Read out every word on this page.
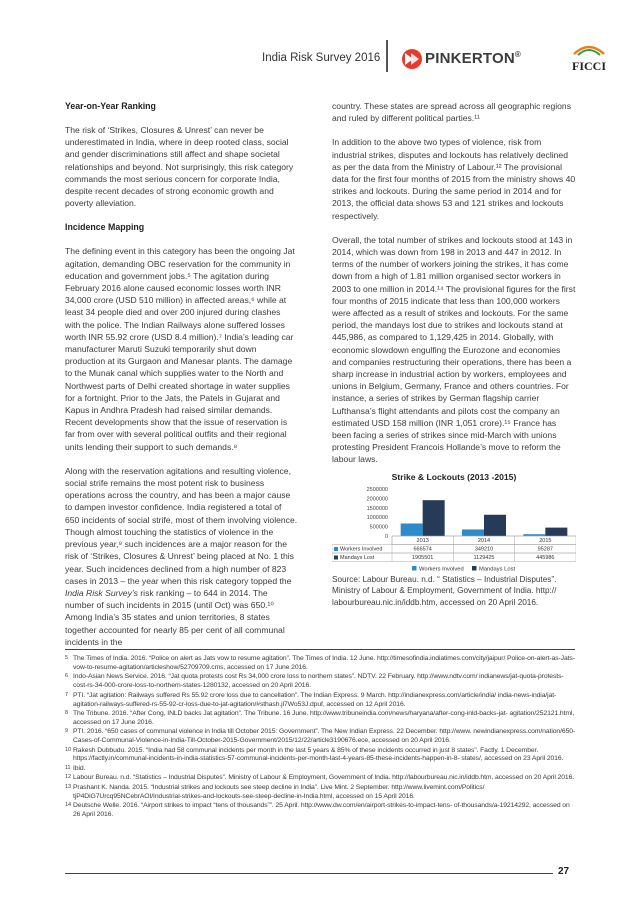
India Risk Survey 2016	PINKERTON®
FICCI
Year-on-Year Ranking

The risk of ‘Strikes, Closures & Unrest’ can never be underestimated in India, where in deep rooted class, social and gender discriminations still affect and shape societal relationships and beyond. Not surprisingly, this risk category commands the most serious concern for corporate India, despite recent decades of strong economic growth and poverty alleviation.

Incidence Mapping

The defining event in this category has been the ongoing Jat agitation, demanding OBC reservation for the community in education and government jobs.⁵ The agitation during February 2016 alone caused economic losses worth INR 34,000 crore (USD 510 million) in affected areas,⁶ while at least 34 people died and over 200 injured during clashes with the police. The Indian Railways alone suffered losses worth INR 55.92 crore (USD 8.4 million).⁷ India’s leading car manufacturer Maruti Suzuki temporarily shut down production at its Gurgaon and Manesar plants. The damage to the Munak canal which supplies water to the North and Northwest parts of Delhi created shortage in water supplies for a fortnight. Prior to the Jats, the Patels in Gujarat and Kapus in Andhra Pradesh had raised similar demands. Recent developments show that the issue of reservation is far from over with several political outfits and their regional units lending their support to such demands.⁸

Along with the reservation agitations and resulting violence, social strife remains the most potent risk to business operations across the country, and has been a major cause to dampen investor confidence. India registered a total of 650 incidents of social strife, most of them involving violence. Though almost touching the statistics of violence in the previous year,⁹ such incidences are a major reason for the risk of ‘Strikes, Closures & Unrest’ being placed at No. 1 this year. Such incidences declined from a high number of 823 cases in 2013 – the year when this risk category topped the India Risk Survey’s risk ranking – to 644 in 2014. The number of such incidents in 2015 (until Oct) was 650.¹⁰ Among India’s 35 states and union territories, 8 states together accounted for nearly 85 per cent of all communal incidents in the

country. These states are spread across all geographic regions and ruled by different political parties.¹¹

In addition to the above two types of violence, risk from industrial strikes, disputes and lockouts has relatively declined as per the data from the Ministry of Labour.¹² The provisional data for the first four months of 2015 from the ministry shows 40 strikes and lockouts. During the same period in 2014 and for 2013, the official data shows 53 and 121 strikes and lockouts respectively.

Overall, the total number of strikes and lockouts stood at 143 in 2014, which was down from 198 in 2013 and 447 in 2012. In terms of the number of workers joining the strikes, it has come down from a high of 1.81 million organised sector workers in 2003 to one million in 2014.¹⁴ The provisional figures for the first four months of 2015 indicate that less than 100,000 workers were affected as a result of strikes and lockouts. For the same period, the mandays lost due to strikes and lockouts stand at 445,986, as compared to 1,129,425 in 2014. Globally, with economic slowdown engulfing the Eurozone and economies and companies restructuring their operations, there has been a sharp increase in industrial action by workers, employees and unions in Belgium, Germany, France and others countries. For instance, a series of strikes by German flagship carrier Lufthansa’s flight attendants and pilots cost the company an estimated USD 158 million (INR 1,051 crore).¹⁵ France has been facing a series of strikes since mid-March with unions protesting President Francois Hollande’s move to reform the labour laws.

Strike & Lockouts (2013 -2015)
2500000
2000000
1500000
1000000
500000
0
2013	2014	2015
Workers Involved	666574	349210	95287
Mandays Lost	1905501	1129425	445986
Workers Involved	Mandays Lost
Source: Labour Bureau. n.d. “ Statistics – Industrial Disputes”. Ministry of Labour & Employment, Government of India. http:// labourbureau.nic.in/iddb.htm, accessed on 20 April 2016.
5 The Times of India. 2016. “Police on alert as Jats vow to resume agitation”. The Times of India. 12 June. http://timesofindia.indiatimes.com/city/jaipur/ Police-on-alert-as-Jats-vow-to-resume-agitation/articleshow/52709709.cms, accessed on 17 June 2016.
6 Indo-Asian News Service. 2016. “Jat quota protests cost Rs 34,000 crore loss to northern states”. NDTV. 22 February. http://www.ndtv.com/ indianews/jat-quota-protests-cost-rs-34-000-crore-loss-to-northern-states-1280132, accessed on 20 April 2016.
7 PTI. “Jat agitation: Railways suffered Rs 55.92 crore loss due to cancellation”. The Indian Express. 9 March. http://indianexpress.com/article/india/ india-news-india/jat-agitation-railways-suffered-rs-55-92-cr-loss-due-to-jat-agitation/#sthash.jl7Wo53J.dpuf, accessed on 12 April 2016.
8 The Tribune. 2016. “After Cong, INLD backs Jat agitation”. The Tribune. 16 June. http://www.tribuneindia.com/news/haryana/after-cong-inld-backs-jat- agitation/252121.html, accessed on 17 June 2016.
9 PTI. 2016. “650 cases of communal violence in India till October 2015: Government”. The New Indian Express. 22 December. http://www. newindianexpress.com/nation/650-Cases-of-Communal-Violence-in-India-Till-October-2015-Government/2015/12/22/article3190676.ece, accessed on 20 April 2016.
10 Rakesh Dubbudu. 2015. “India had 58 communal incidents per month in the last 5 years & 85% of these incidents occurred in just 8 states”. Factly. 1 December. https://factly.in/communal-incidents-in-india-statistics-57-communal-incidents-per-month-last-4-years-85-these-incidents-happen-in-8- states/, accessed on 23 April 2016.
11 Ibid.
12 Labour Bureau. n.d. “Statistics – Industrial Disputes”. Ministry of Labour & Employment, Government of India. http://labourbureau.nic.in/iddb.htm, accessed on 20 April 2016.
13 Prashant K. Nanda. 2015. “Industrial strikes and lockouts see steep decline in India”. Live Mint. 2 September. http://www.livemint.com/Politics/ tjP4DiG7Urcq95NCebrAOI/Industrial-strikes-and-lockouts-see-steep-decline-in-India.html, accessed on 15 April 2016.
14 Deutsche Welle. 2016. “Airport strikes to impact “tens of thousands””. 25 April. http://www.dw.com/en/airport-strikes-to-impact-tens- of-thousands/a-19214292, accessed on 26 April 2016.
27
